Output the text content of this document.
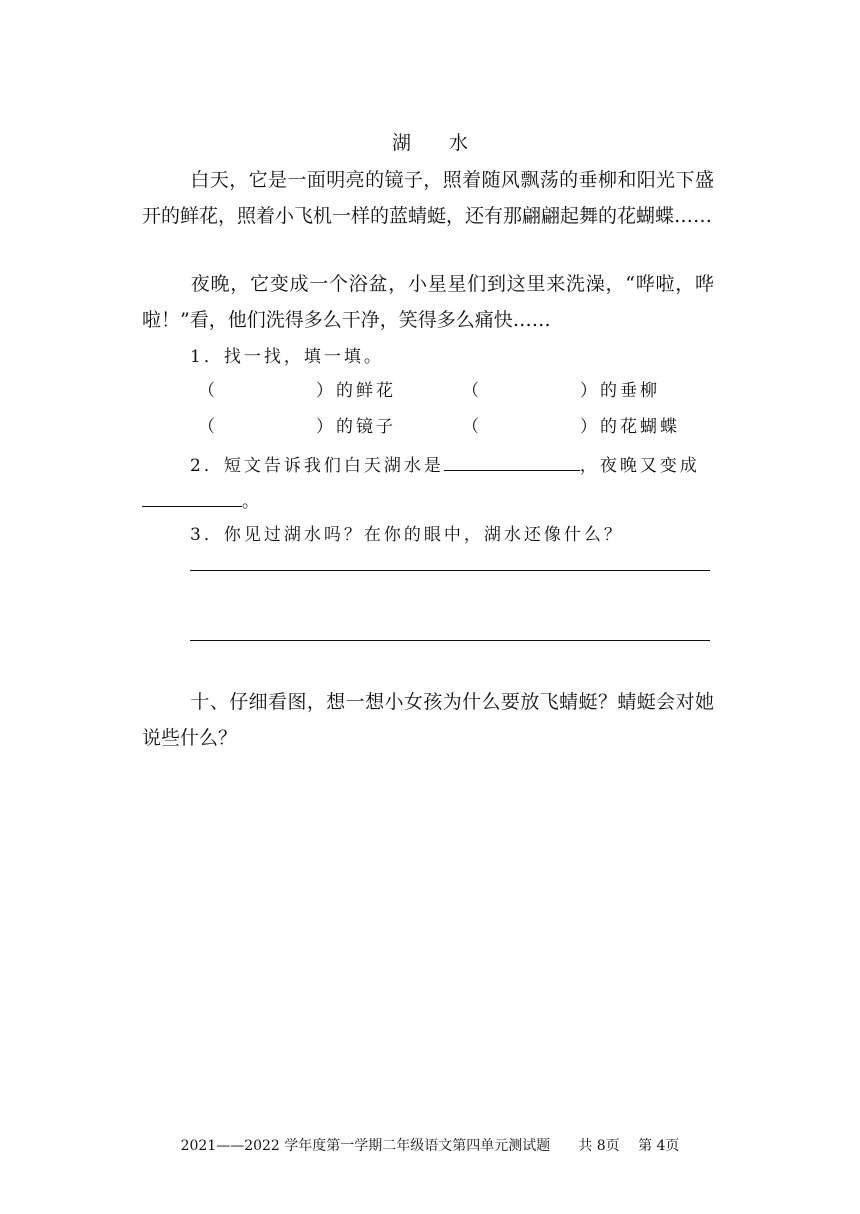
湖　　水
白天，它是一面明亮的镜子，照着随风飘荡的垂柳和阳光下盛开的鲜花，照着小飞机一样的蓝蜻蜓，还有那翩翩起舞的花蝴蝶……
夜晚，它变成一个浴盆，小星星们到这里来洗澡，“哗啦，哗啦！”看，他们洗得多么干净，笑得多么痛快……
1．找一找，填一填。
（	）的鲜花	（	）的垂柳
（	）的镜子	（	）的花蝴蝶
2．短文告诉我们白天湖水是	，夜晚又变成。
3．你见过湖水吗？在你的眼中，湖水还像什么？
十、仔细看图，想一想小女孩为什么要放飞蜻蜓？蜻蜓会对她说些什么？
2021——2022 学年度第一学期二年级语文第四单元测试题　　共 8页　 第 4页
